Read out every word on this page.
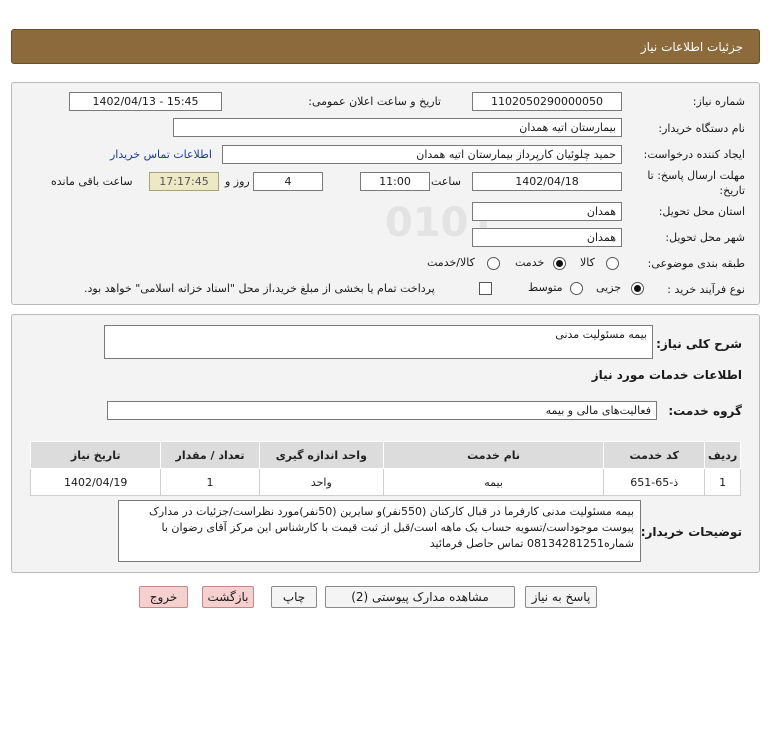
جزئیات اطلاعات نیاز
شماره نیاز:
1102050290000050
تاریخ و ساعت اعلان عمومی:
1402/04/13 - 15:45
نام دستگاه خریدار:
بیمارستان اتیه همدان
ایجاد کننده درخواست:
حمید چلوئیان کارپرداز بیمارستان اتیه همدان
اطلاعات تماس خریدار
مهلت ارسال پاسخ: تا تاریخ:
1402/04/18
ساعت
11:00
4
روز و
17:17:45
ساعت باقی مانده
استان محل تحویل:
همدان
شهر محل تحویل:
همدان
طبقه بندی موضوعی:
کالا
خدمت
کالا/خدمت
نوع فرآیند خرید :
جزیی
متوسط
پرداخت تمام یا بخشی از مبلغ خرید،از محل "اسناد خزانه اسلامی" خواهد بود.
شرح کلی نیاز:
بیمه مسئولیت مدنی
اطلاعات خدمات مورد نیاز
گروه خدمت:
فعالیت‌های مالی و بیمه
ردیف	کد خدمت	نام خدمت	واحد اندازه گیری	تعداد / مقدار	تاریخ نیاز
1	ذ-65-651	بیمه	واحد	1	1402/04/19
توضیحات خریدار:
بیمه مسئولیت مدنی کارفرما در قبال کارکنان (550نفر)و سایرین (50نفر)مورد نظراست/جزئیات در مدارک پیوست موجوداست/تسویه حساب یک ماهه است/قبل از ثبت قیمت با کارشناس این مرکز آقای رضوان با شماره08134281251 تماس حاصل فرمائید
پاسخ به نیاز
مشاهده مدارک پیوستی (2)
چاپ
بازگشت
خروج
